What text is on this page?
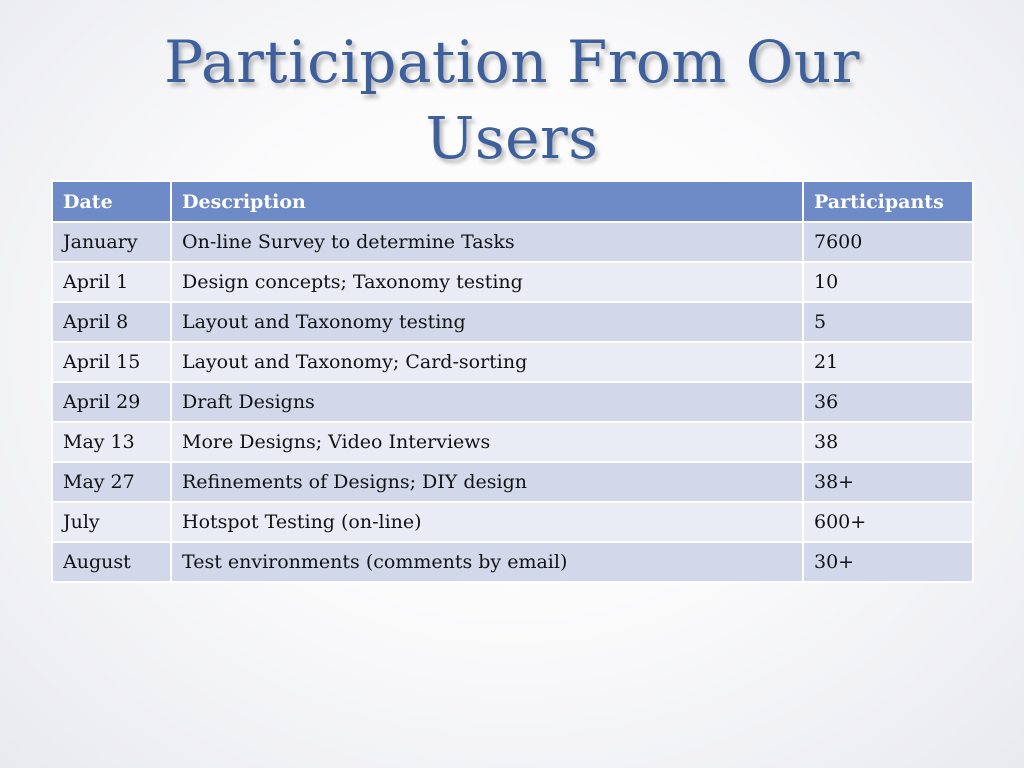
Participation From Our
Users
Date	Description	Participants
January	On-line Survey to determine Tasks	7600
April 1	Design concepts; Taxonomy testing	10
April 8	Layout and Taxonomy testing	5
April 15	Layout and Taxonomy; Card-sorting	21
April 29	Draft Designs	36
May 13	More Designs; Video Interviews	38
May 27	Refinements of Designs; DIY design	38+
July	Hotspot Testing (on-line)	600+
August	Test environments (comments by email)	30+
